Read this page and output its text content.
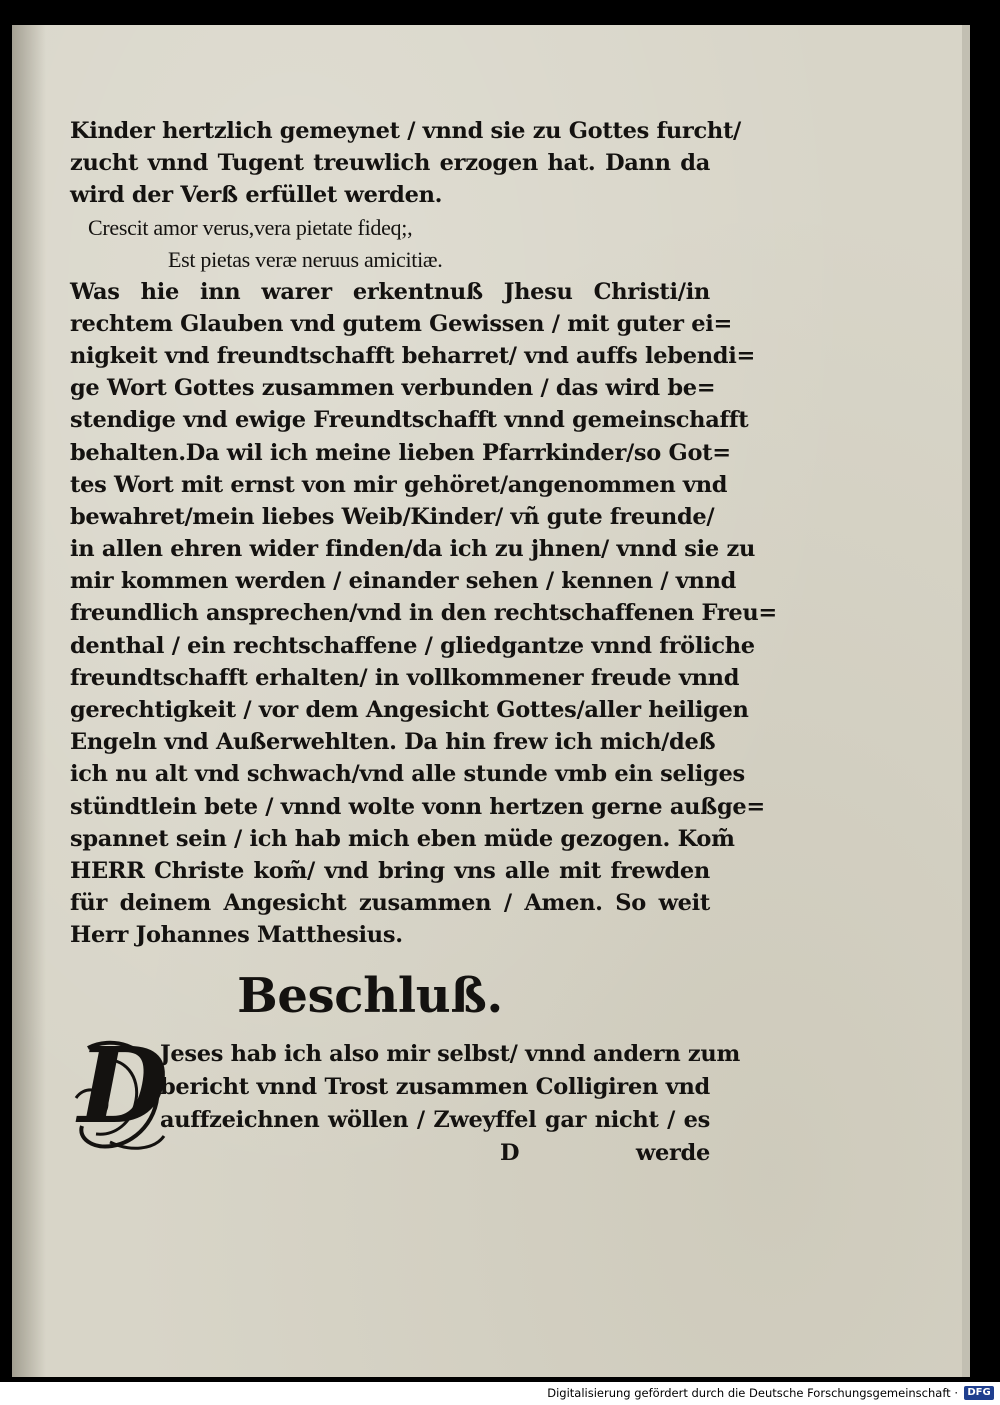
Kinder hertzlich gemeynet / vnnd sie zu Gottes furcht/
zucht vnnd Tugent treuwlich erzogen hat. Dann da
wird der Verß erfüllet werden.
Crescit amor verus,vera pietate fideq;,
Est pietas veræ neruus amicitiæ.
Was hie inn warer erkentnuß Jhesu Christi/in
rechtem Glauben vnd gutem Gewissen / mit guter ei=
nigkeit vnd freundtschafft beharret/ vnd auffs lebendi=
ge Wort Gottes zusammen verbunden / das wird be=
stendige vnd ewige Freundtschafft vnnd gemeinschafft
behalten.Da wil ich meine lieben Pfarrkinder/so Got=
tes Wort mit ernst von mir gehöret/angenommen vnd
bewahret/mein liebes Weib/Kinder/ vñ gute freunde/
in allen ehren wider finden/da ich zu jhnen/ vnnd sie zu
mir kommen werden / einander sehen / kennen / vnnd
freundlich ansprechen/vnd in den rechtschaffenen Freu=
denthal / ein rechtschaffene / gliedgantze vnnd fröliche
freundtschafft erhalten/ in vollkommener freude vnnd
gerechtigkeit / vor dem Angesicht Gottes/aller heiligen
Engeln vnd Außerwehlten. Da hin frew ich mich/deß
ich nu alt vnd schwach/vnd alle stunde vmb ein seliges
stündtlein bete / vnnd wolte vonn hertzen gerne außge=
spannet sein / ich hab mich eben müde gezogen. Kom̃
HERR Christe kom̃/ vnd bring vns alle mit frewden
für deinem Angesicht zusammen / Amen. So weit
Herr Johannes Matthesius.
Beschluß.
D
Jeses hab ich also mir selbst/ vnnd andern zum
bericht vnnd Trost zusammen Colligiren vnd
auffzeichnen wöllen / Zweyffel gar nicht / es
D	werde
Digitalisierung gefördert durch die Deutsche Forschungsgemeinschaft · DFG
